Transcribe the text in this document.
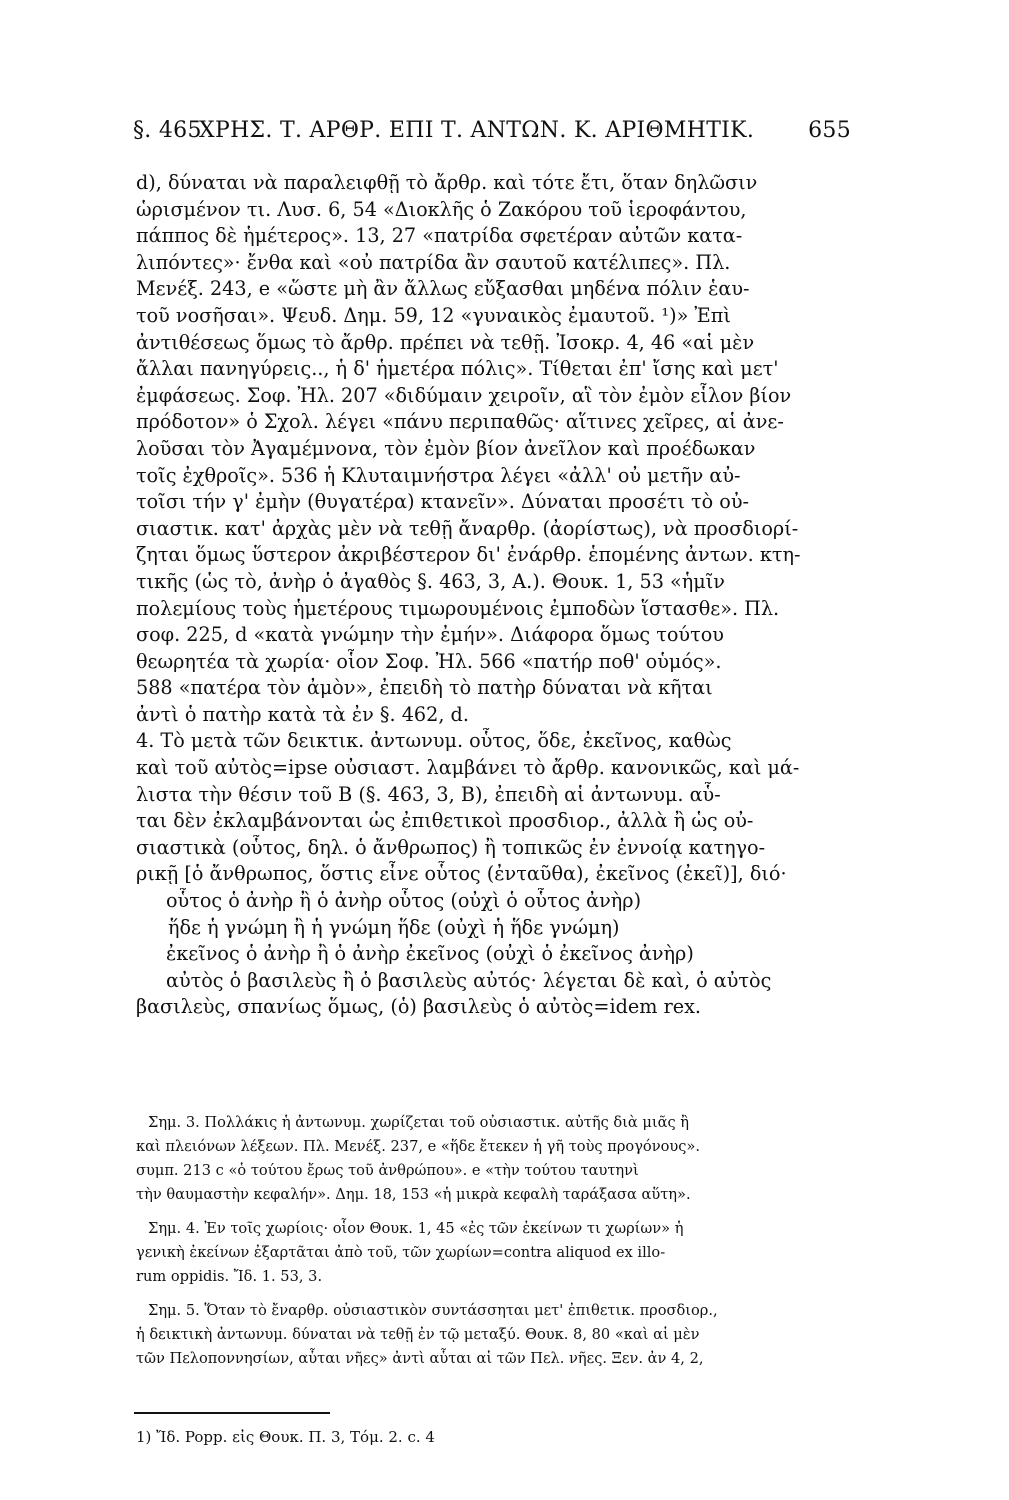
§. 465
ΧΡΗΣ. Τ. ΑΡΘΡ. ΕΠΙ Τ. ΑΝΤΩΝ. Κ. ΑΡΙΘΜΗΤΙΚ. 655
d), δύναται νὰ παραλειφθῇ τὸ ἄρθρ. καὶ τότε ἔτι, ὅταν δηλῶσιν
ὡρισμένον τι. Λυσ. 6, 54 «Διοκλῆς ὁ Ζακόρου τοῦ ἱεροφάντου,
πάππος δὲ ἡμέτερος». 13, 27 «πατρίδα σφετέραν αὐτῶν κατα-
λιπόντες»· ἔνθα καὶ «οὐ πατρίδα ἂν σαυτοῦ κατέλιπες». Πλ.
Μενέξ. 243, e «ὥστε μὴ ἂν ἄλλως εὔξασθαι μηδένα πόλιν ἑαυ-
τοῦ νοσῆσαι». Ψευδ. Δημ. 59, 12 «γυναικὸς ἐμαυτοῦ. ¹)» Ἐπὶ
ἀντιθέσεως ὅμως τὸ ἄρθρ. πρέπει νὰ τεθῇ. Ἰσοκρ. 4, 46 «αἱ μὲν
ἄλλαι πανηγύρεις.., ἡ δ' ἡμετέρα πόλις». Τίθεται ἐπ' ἴσης καὶ μετ'
ἐμφάσεως. Σοφ. Ἠλ. 207 «διδύμαιν χειροῖν, αἳ τὸν ἐμὸν εἷλον βίον
πρόδοτον» ὁ Σχολ. λέγει «πάνυ περιπαθῶς· αἵτινες χεῖρες, αἱ ἀνε-
λοῦσαι τὸν Ἀγαμέμνονα, τὸν ἐμὸν βίον ἀνεῖλον καὶ προέδωκαν
τοῖς ἐχθροῖς». 536 ἡ Κλυταιμνήστρα λέγει «ἀλλ' οὐ μετῆν αὐ-
τοῖσι τήν γ' ἐμὴν (θυγατέρα) κτανεῖν». Δύναται προσέτι τὸ οὐ-
σιαστικ. κατ' ἀρχὰς μὲν νὰ τεθῇ ἄναρθρ. (ἀορίστως), νὰ προσδιορί-
ζηται ὅμως ὕστερον ἀκριβέστερον δι' ἐνάρθρ. ἑπομένης ἀντων. κτη-
τικῆς (ὡς τὸ, ἀνὴρ ὁ ἀγαθὸς §. 463, 3, A.). Θουκ. 1, 53 «ἡμῖν
πολεμίους τοὺς ἡμετέρους τιμωρουμένοις ἐμποδὼν ἵστασθε». Πλ.
σοφ. 225, d «κατὰ γνώμην τὴν ἐμήν». Διάφορα ὅμως τούτου
θεωρητέα τὰ χωρία· οἷον Σοφ. Ἠλ. 566 «πατήρ ποθ' οὑμός».
588 «πατέρα τὸν ἀμὸν», ἐπειδὴ τὸ πατὴρ δύναται νὰ κῆται
ἀντὶ ὁ πατὴρ κατὰ τὰ ἐν §. 462, d.
4. Τὸ μετὰ τῶν δεικτικ. ἀντωνυμ. οὗτος, ὅδε, ἐκεῖνος, καθὼς
καὶ τοῦ αὐτὸς=ipse οὐσιαστ. λαμβάνει τὸ ἄρθρ. κανονικῶς, καὶ μά-
λιστα τὴν θέσιν τοῦ B (§. 463, 3, B), ἐπειδὴ αἱ ἀντωνυμ. αὗ-
ται δὲν ἐκλαμβάνονται ὡς ἐπιθετικοὶ προσδιορ., ἀλλὰ ἢ ὡς οὐ-
σιαστικὰ (οὗτος, δηλ. ὁ ἄνθρωπος) ἢ τοπικῶς ἐν ἐννοίᾳ κατηγο-
ρικῇ [ὁ ἄνθρωπος, ὅστις εἶνε οὗτος (ἐνταῦθα), ἐκεῖνος (ἐκεῖ)], διό·
οὗτος ὁ ἀνὴρ ἢ ὁ ἀνὴρ οὗτος (οὐχὶ ὁ οὗτος ἀνὴρ)
ἥδε ἡ γνώμη ἢ ἡ γνώμη ἥδε (οὐχὶ ἡ ἥδε γνώμη)
ἐκεῖνος ὁ ἀνὴρ ἢ ὁ ἀνὴρ ἐκεῖνος (οὐχὶ ὁ ἐκεῖνος ἀνὴρ)
αὐτὸς ὁ βασιλεὺς ἢ ὁ βασιλεὺς αὐτός· λέγεται δὲ καὶ, ὁ αὐτὸς
βασιλεὺς, σπανίως ὅμως, (ὁ) βασιλεὺς ὁ αὐτὸς=idem rex.
Σημ. 3. Πολλάκις ἡ ἀντωνυμ. χωρίζεται τοῦ οὐσιαστικ. αὐτῆς διὰ μιᾶς ἢ
καὶ πλειόνων λέξεων. Πλ. Μενέξ. 237, e «ἥδε ἔτεκεν ἡ γῆ τοὺς προγόνους».
συμπ. 213 c «ὁ τούτου ἔρως τοῦ ἀνθρώπου». e «τὴν τούτου ταυτηνὶ
τὴν θαυμαστὴν κεφαλήν». Δημ. 18, 153 «ἡ μικρὰ κεφαλὴ ταράξασα αὕτη».
Σημ. 4. Ἐν τοῖς χωρίοις· οἷον Θουκ. 1, 45 «ἐς τῶν ἐκείνων τι χωρίων» ἡ
γενικὴ ἐκείνων ἐξαρτᾶται ἀπὸ τοῦ, τῶν χωρίων=contra aliquod ex illo-
rum oppidis. Ἴδ. 1. 53, 3.
Σημ. 5. Ὅταν τὸ ἔναρθρ. οὐσιαστικὸν συντάσσηται μετ' ἐπιθετικ. προσδιορ.,
ἡ δεικτικὴ ἀντωνυμ. δύναται νὰ τεθῇ ἐν τῷ μεταξύ. Θουκ. 8, 80 «καὶ αἱ μὲν
τῶν Πελοποννησίων, αὗται νῆες» ἀντὶ αὗται αἱ τῶν Πελ. νῆες. Ξεν. ἀν 4, 2,
1) Ἴδ. Popp. εἰς Θουκ. Π. 3, Τόμ. 2. c. 4
